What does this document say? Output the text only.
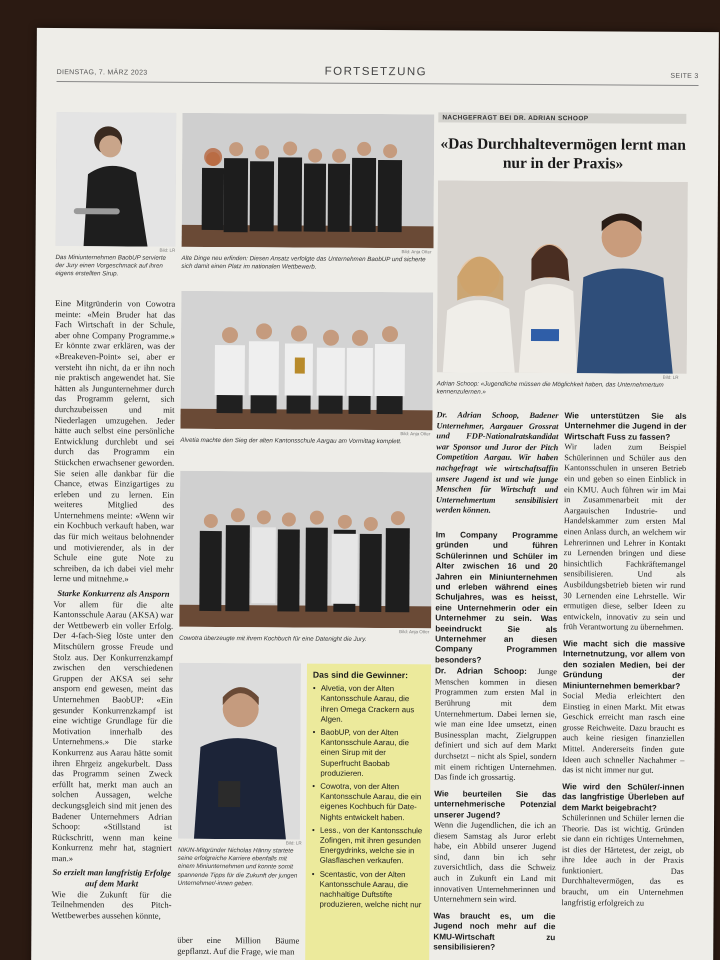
DIENSTAG, 7. MÄRZ 2023	FORTSETZUNG	SEITE 3
Bild: LR
Das Miniunternehmen BaobUP servierte der Jury einen Vorgeschmack auf ihren eigens erstellten Sirup.
Bild: Anja Otter
Alte Dinge neu erfinden: Diesen Ansatz verfolgte das Unternehmen BaobUP und sicherte sich damit einen Platz im nationalen Wettbewerb.

Eine Mitgründerin von Cowotra meinte: «Mein Bruder hat das Fach Wirtschaft in der Schule, aber ohne Company Programme.» Er könnte zwar erklären, was der «Breakeven-Point» sei, aber er versteht ihn nicht, da er ihn noch nie praktisch angewendet hat. Sie hätten als Jungunternehmer durch das Programm gelernt, sich durchzubeissen und mit Niederlagen umzugehen. Jeder hätte auch selbst eine persönliche Entwicklung durchlebt und sei durch das Programm ein Stückchen erwachsener geworden. Sie seien alle dankbar für die Chance, etwas Einzigartiges zu erleben und zu lernen. Ein weiteres Mitglied des Unternehmens meinte: «Wenn wir ein Kochbuch verkauft haben, war das für mich weitaus belohnender und motivierender, als in der Schule eine gute Note zu schreiben, da ich dabei viel mehr lerne und mitnehme.»

Starke Konkurrenz als Ansporn

Vor allem für die alte Kantonsschule Aarau (AKSA) war der Wettbewerb ein voller Erfolg. Der 4-fach-Sieg löste unter den Mitschülern grosse Freude und Stolz aus. Der Konkurrenzkampf zwischen den verschiedenen Gruppen der AKSA sei sehr ansporn end gewesen, meint das Unternehmen BaobUP: «Ein gesunder Konkurrenzkampf ist eine wichtige Grundlage für die Motivation innerhalb des Unternehmens.» Die starke Konkurrenz aus Aarau hätte somit ihren Ehrgeiz angekurbelt. Dass das Programm seinen Zweck erfüllt hat, merkt man auch an solchen Aussagen, welche deckungsgleich sind mit jenen des Badener Unternehmers Adrian Schoop: «Stillstand ist Rückschritt, wenn man keine Konkurrenz mehr hat, stagniert man.»

So erzielt man langfristig Erfolge auf dem Markt

Wie die Zukunft für die Teilnehmenden des Pitch-Wettbewerbes aussehen könnte,

Bild: Anja Otter
Alvetia machte den Sieg der alten Kantonsschule Aargau am Vormittag komplett.
Bild: Anja Otter
Cowotra überzeugte mit ihrem Kochbuch für eine Datenight die Jury.
Bild: LR
NIKIN-Mitgründer Nicholas Hänny startete seine erfolgreiche Karriere ebenfalls mit einem Miniunternehmen und konnte somit spannende Tipps für die Zukunft der jungen Unternehmer/-innen geben.

über eine Million Bäume gepflanzt. Auf die Frage, wie man

Das sind die Gewinner:
• Alvetia, von der Alten Kantonsschule Aarau, die ihren Omega Crackern aus Algen.
• BaobUP, von der Alten Kantonsschule Aarau, die einen Sirup mit der Superfrucht Baobab produzieren.
• Cowotra, von der Alten Kantonsschule Aarau, die ein eigenes Kochbuch für Date-Nights entwickelt haben.
• Less., von der Kantonsschule Zofingen, mit ihren gesunden Energydrinks, welche sie in Glasflaschen verkaufen.
• Scentastic, von der Alten Kantonsschule Aarau, die nachhaltige Duftstifte produzieren, welche nicht nur
NACHGEFRAGT BEI DR. ADRIAN SCHOOP
«Das Durchhaltevermögen lernt man nur in der Praxis»
Bild: LR
Adrian Schoop: «Jugendliche müssen die Möglichkeit haben, das Unternehmertum kennenzulernen.»
Dr. Adrian Schoop, Badener Unternehmer, Aargauer Grossrat und FDP-Nationalratskandidat war Sponsor und Juror der Pitch Competition Aargau. Wir haben nachgefragt wie wirtschaftsaffin unsere Jugend ist und wie junge Menschen für Wirtschaft und Unternehmertum sensibilisiert werden können.

Im Company Programme gründen und führen Schülerinnen und Schüler im Alter zwischen 16 und 20 Jahren ein Miniunternehmen und erleben während eines Schuljahres, was es heisst, eine Unternehmerin oder ein Unternehmer zu sein. Was beeindruckt Sie als Unternehmer an diesen Company Programmen besonders?

Dr. Adrian Schoop: Junge Menschen kommen in diesen Programmen zum ersten Mal in Berührung mit dem Unternehmertum. Dabei lernen sie, wie man eine Idee umsetzt, einen Businessplan macht, Zielgruppen definiert und sich auf dem Markt durchsetzt – nicht als Spiel, sondern mit einem richtigen Unternehmen. Das finde ich grossartig.

Wie beurteilen Sie das unternehmerische Potenzial unserer Jugend?

Wenn die Jugendlichen, die ich an diesem Samstag als Juror erlebt habe, ein Abbild unserer Jugend sind, dann bin ich sehr zuversichtlich, dass die Schweiz auch in Zukunft ein Land mit innovativen Unternehmerinnen und Unternehmern sein wird.

Was braucht es, um die Jugend noch mehr auf die KMU-Wirtschaft zu sensibilisieren?

Wie unterstützen Sie als Unternehmer die Jugend in der Wirtschaft Fuss zu fassen?

Wir laden zum Beispiel Schülerinnen und Schüler aus den Kantonsschulen in unseren Betrieb ein und geben so einen Einblick in ein KMU. Auch führen wir im Mai in Zusammenarbeit mit der Aargauischen Industrie- und Handelskammer zum ersten Mal einen Anlass durch, an welchem wir Lehrerinnen und Lehrer in Kontakt zu Lernenden bringen und diese hinsichtlich Fachkräftemangel sensibilisieren. Und als Ausbildungsbetrieb bieten wir rund 30 Lernenden eine Lehrstelle. Wir ermutigen diese, selber Ideen zu entwickeln, innovativ zu sein und früh Verantwortung zu übernehmen.

Wie macht sich die massive Internetnutzung, vor allem von den sozialen Medien, bei der Gründung der Miniunternehmen bemerkbar?

Social Media erleichtert den Einstieg in einen Markt. Mit etwas Geschick erreicht man rasch eine grosse Reichweite. Dazu braucht es auch keine riesigen finanziellen Mittel. Andererseits finden gute Ideen auch schneller Nachahmer – das ist nicht immer nur gut.

Wie wird den Schüler/-innen das langfristige Überleben auf dem Markt beigebracht?

Schülerinnen und Schüler lernen die Theorie. Das ist wichtig. Gründen sie dann ein richtiges Unternehmen, ist dies der Härtetest, der zeigt, ob ihre Idee auch in der Praxis funktioniert. Das Durchhaltevermögen, das es braucht, um ein Unternehmen langfristig erfolgreich zu
